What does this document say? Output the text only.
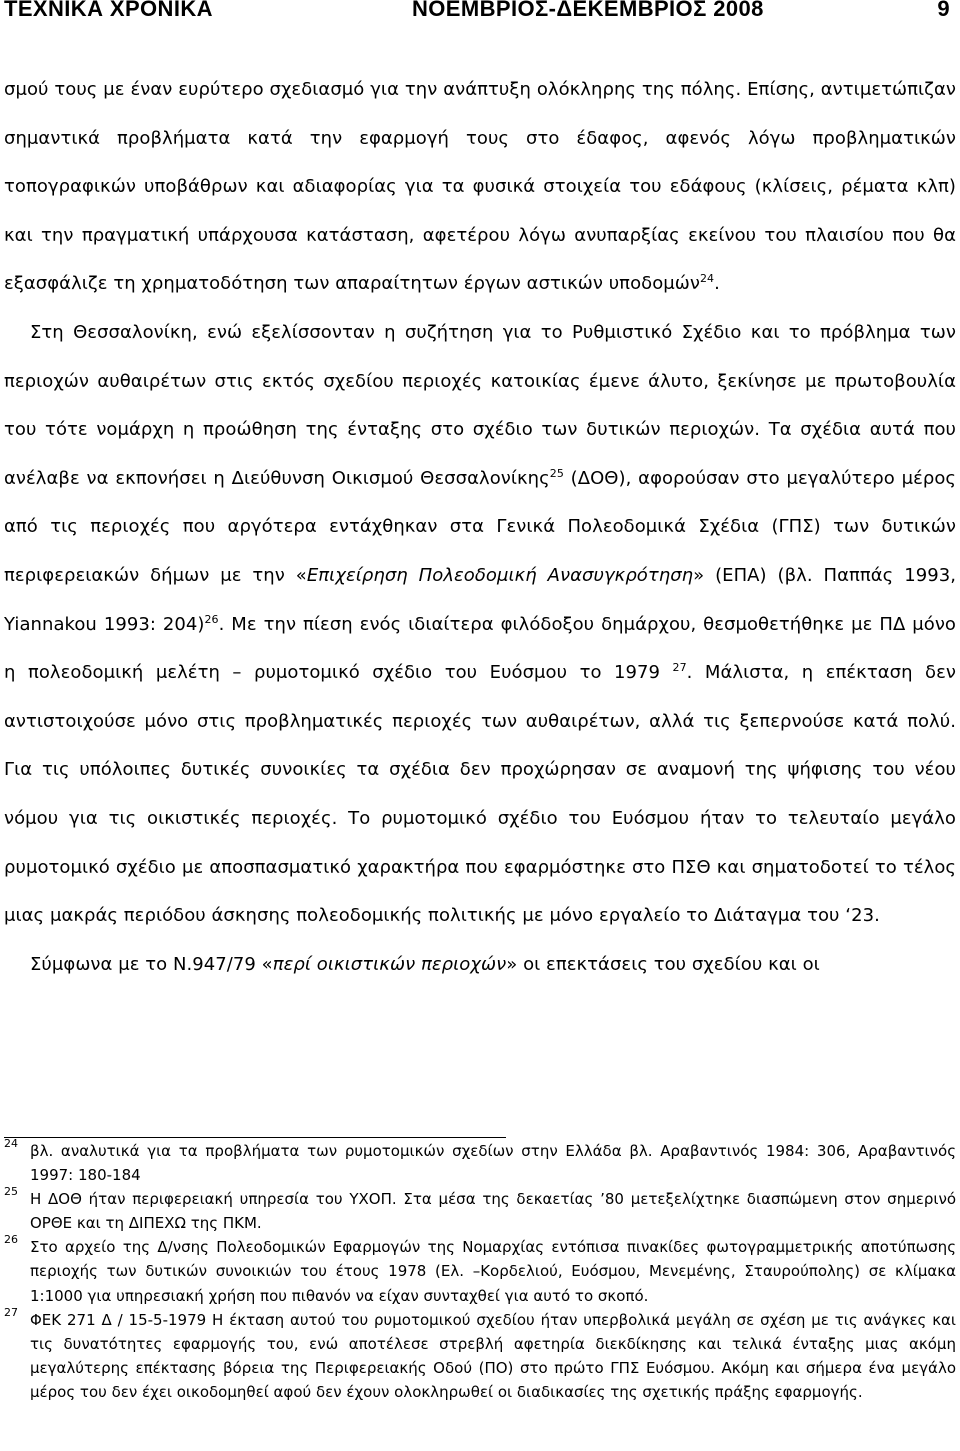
ΤΕΧΝΙΚΑ ΧΡΟΝΙΚΑ	ΝΟΕΜΒΡΙΟΣ-ΔΕΚΕΜΒΡΙΟΣ 2008	9

σμού τους με έναν ευρύτερο σχεδιασμό για την ανάπτυξη ολόκληρης της πόλης. Επίσης, αντιμετώπιζαν σημαντικά προβλήματα κατά την εφαρμογή τους στο έδαφος, αφενός λόγω προβληματικών τοπογραφικών υποβάθρων και αδιαφορίας για τα φυσικά στοιχεία του εδάφους (κλίσεις, ρέματα κλπ) και την πραγματική υπάρχουσα κατάσταση, αφετέρου λόγω ανυπαρξίας εκείνου του πλαισίου που θα εξασφάλιζε τη χρηματοδότηση των απαραίτητων έργων αστικών υποδομών$^{24}$.

Στη Θεσσαλονίκη, ενώ εξελίσσονταν η συζήτηση για το Ρυθμιστικό Σχέδιο και το πρόβλημα των περιοχών αυθαιρέτων στις εκτός σχεδίου περιοχές κατοικίας έμενε άλυτο, ξεκίνησε με πρωτοβουλία του τότε νομάρχη η προώθηση της ένταξης στο σχέδιο των δυτικών περιοχών. Τα σχέδια αυτά που ανέλαβε να εκπονήσει η Διεύθυνση Οικισμού Θεσσαλονίκης$^{25}$ (ΔΟΘ), αφορούσαν στο μεγαλύτερο μέρος από τις περιοχές που αργότερα εντάχθηκαν στα Γενικά Πολεοδομικά Σχέδια (ΓΠΣ) των δυτικών περιφερειακών δήμων με την «Επιχείρηση Πολεοδομική Ανασυγκρότηση» (ΕΠΑ) (βλ. Παππάς 1993, Yiannakou 1993: 204)$^{26}$. Με την πίεση ενός ιδιαίτερα φιλόδοξου δημάρχου, θεσμοθετήθηκε με ΠΔ μόνο η πολεοδομική μελέτη – ρυμοτομικό σχέδιο του Ευόσμου το 1979 $^{27}$. Μάλιστα, η επέκταση δεν αντιστοιχούσε μόνο στις προβληματικές περιοχές των αυθαιρέτων, αλλά τις ξεπερνούσε κατά πολύ. Για τις υπόλοιπες δυτικές συνοικίες τα σχέδια δεν προχώρησαν σε αναμονή της ψήφισης του νέου νόμου για τις οικιστικές περιοχές. Το ρυμοτομικό σχέδιο του Ευόσμου ήταν το τελευταίο μεγάλο ρυμοτομικό σχέδιο με αποσπασματικό χαρακτήρα που εφαρμόστηκε στο ΠΣΘ και σηματοδοτεί το τέλος μιας μακράς περιόδου άσκησης πολεοδομικής πολιτικής με μόνο εργαλείο το Διάταγμα του ‘23.

Σύμφωνα με το Ν.947/79 «περί οικιστικών περιοχών» οι επεκτάσεις του σχεδίου και οι

24 βλ. αναλυτικά για τα προβλήματα των ρυμοτομικών σχεδίων στην Ελλάδα βλ. Αραβαντινός 1984: 306, Αραβαντινός 1997: 180-184
25 Η ΔΟΘ ήταν περιφερειακή υπηρεσία του ΥΧΟΠ. Στα μέσα της δεκαετίας ’80 μετεξελίχτηκε διασπώμενη στον σημερινό ΟΡΘΕ και τη ΔΙΠΕΧΩ της ΠΚΜ.
26 Στο αρχείο της Δ/νσης Πολεοδομικών Εφαρμογών της Νομαρχίας εντόπισα πινακίδες φωτογραμμετρικής αποτύπωσης περιοχής των δυτικών συνοικιών του έτους 1978 (Ελ. –Κορδελιού, Ευόσμου, Μενεμένης, Σταυρούπολης) σε κλίμακα 1:1000 για υπηρεσιακή χρήση που πιθανόν να είχαν συνταχθεί για αυτό το σκοπό.
27 ΦΕΚ 271 Δ / 15-5-1979 Η έκταση αυτού του ρυμοτομικού σχεδίου ήταν υπερβολικά μεγάλη σε σχέση με τις ανάγκες και τις δυνατότητες εφαρμογής του, ενώ αποτέλεσε στρεβλή αφετηρία διεκδίκησης και τελικά ένταξης μιας ακόμη μεγαλύτερης επέκτασης βόρεια της Περιφερειακής Οδού (ΠΟ) στο πρώτο ΓΠΣ Ευόσμου. Ακόμη και σήμερα ένα μεγάλο μέρος του δεν έχει οικοδομηθεί αφού δεν έχουν ολοκληρωθεί οι διαδικασίες της σχετικής πράξης εφαρμογής.
